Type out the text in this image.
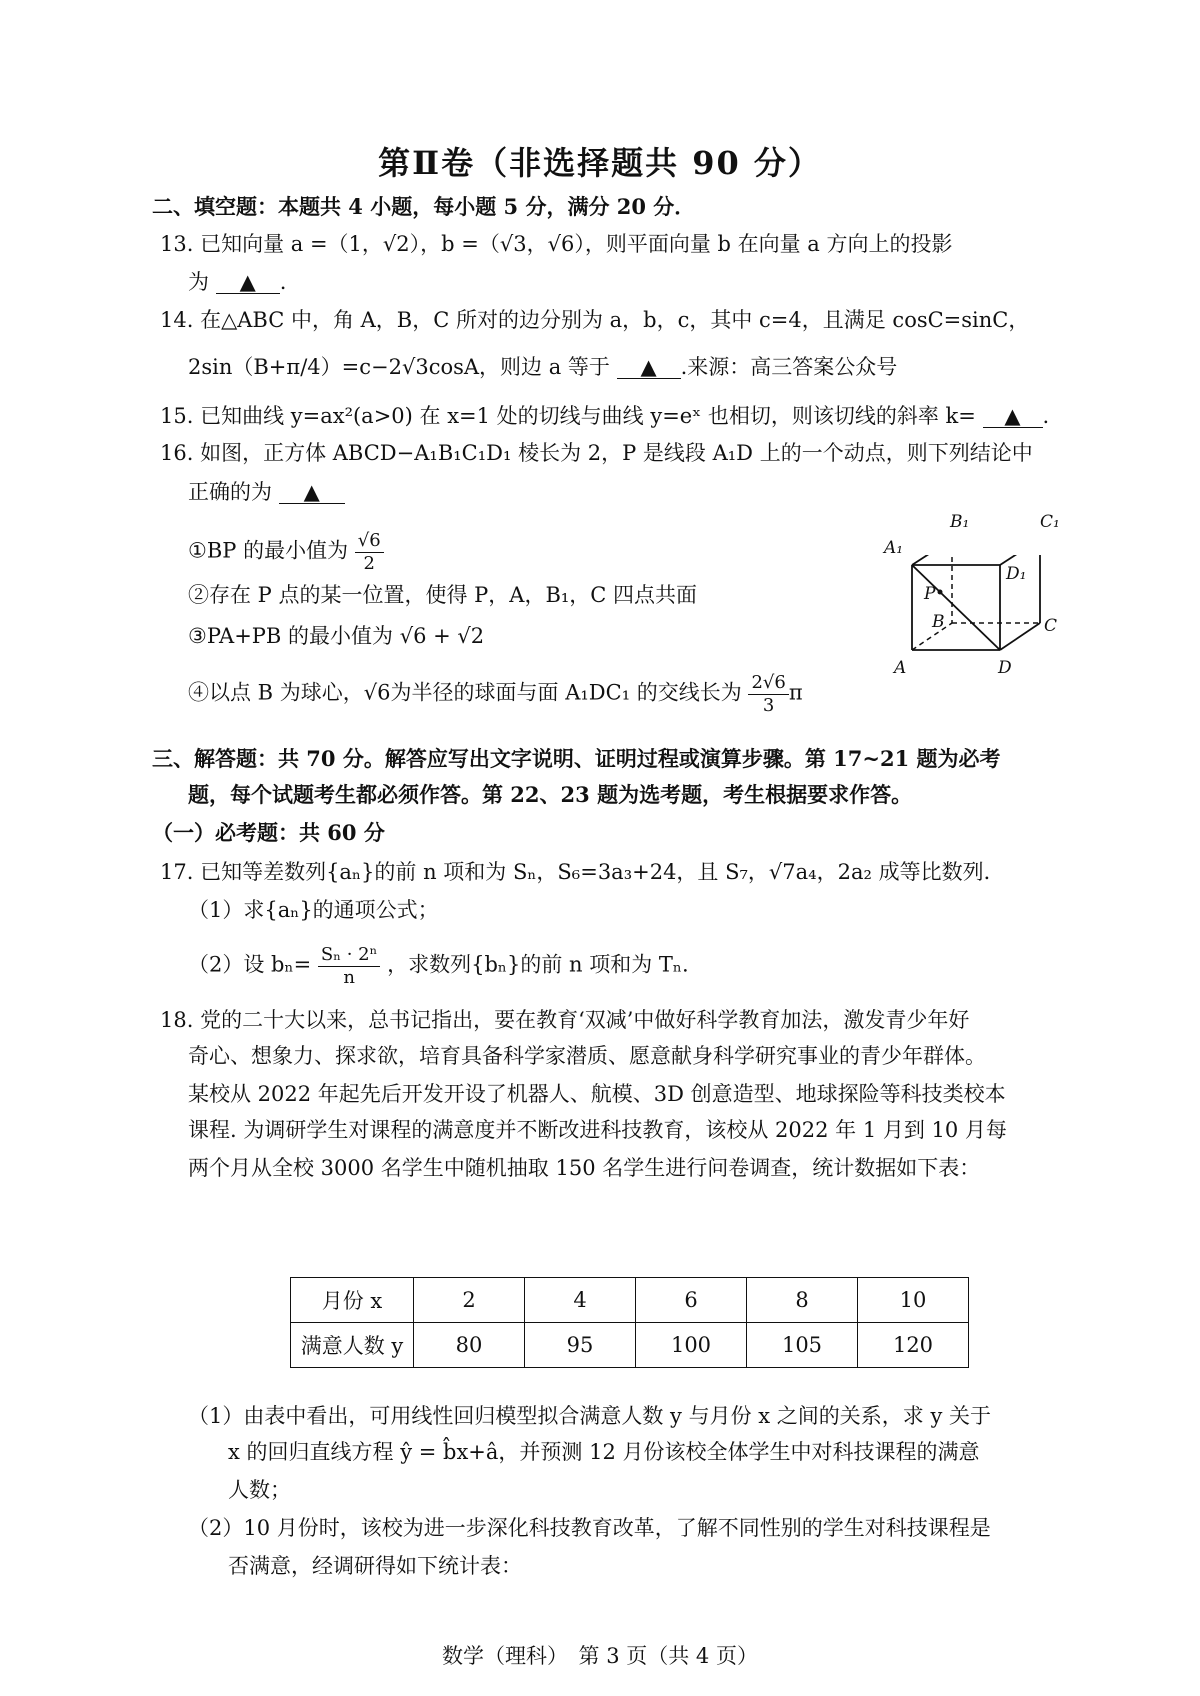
第Ⅱ卷（非选择题共 90 分）
二、填空题：本题共 4 小题，每小题 5 分，满分 20 分．
13. 已知向量 a =（1，√2），b =（√3，√6），则平面向量 b 在向量 a 方向上的投影
为 ▲ .
14. 在△ABC 中，角 A，B，C 所对的边分别为 a，b，c，其中 c=4，且满足 cosC=sinC，
2sin（B+π/4）=c−2√3cosA，则边 a 等于 ▲ .来源：高三答案公众号
15. 已知曲线 y=ax²(a>0) 在 x=1 处的切线与曲线 y=eˣ 也相切，则该切线的斜率 k= ▲ .
16. 如图，正方体 ABCD−A₁B₁C₁D₁ 棱长为 2，P 是线段 A₁D 上的一个动点，则下列结论中
正确的为 ▲
①BP 的最小值为 $\frac{√6}{2}$
②存在 P 点的某一位置，使得 P，A，B₁，C 四点共面
③PA+PB 的最小值为 √6 + √2
④以点 B 为球心，√6为半径的球面与面 A₁DC₁ 的交线长为 $\frac{2√6}{3}$ π
B₁	C₁
A₁
D₁
P
B	C
A	D
三、解答题：共 70 分。解答应写出文字说明、证明过程或演算步骤。第 17~21 题为必考
题，每个试题考生都必须作答。第 22、23 题为选考题，考生根据要求作答。
（一）必考题：共 60 分
17. 已知等差数列{aₙ}的前 n 项和为 Sₙ，S₆=3a₃+24，且 S₇，√7a₄，2a₂ 成等比数列．
（1）求{aₙ}的通项公式；
（2）设 $b_n= \frac{\text{Sₙ · 2ⁿ}}{n}$ ，求数列{bₙ}的前 n 项和为 Tₙ.
18. 党的二十大以来，总书记指出，要在教育‘双减’中做好科学教育加法，激发青少年好
奇心、想象力、探求欲，培育具备科学家潜质、愿意献身科学研究事业的青少年群体。
某校从 2022 年起先后开发开设了机器人、航模、3D 创意造型、地球探险等科技类校本
课程. 为调研学生对课程的满意度并不断改进科技教育，该校从 2022 年 1 月到 10 月每
两个月从全校 3000 名学生中随机抽取 150 名学生进行问卷调查，统计数据如下表：
月份 x	2	4	6	8	10
满意人数 y	80	95	100	105	120
（1）由表中看出，可用线性回归模型拟合满意人数 y 与月份 x 之间的关系，求 y 关于
x 的回归直线方程 ŷ = b̂x+â，并预测 12 月份该校全体学生中对科技课程的满意
人数；
（2）10 月份时，该校为进一步深化科技教育改革，了解不同性别的学生对科技课程是
否满意，经调研得如下统计表：
数学（理科）　第 3 页（共 4 页）
